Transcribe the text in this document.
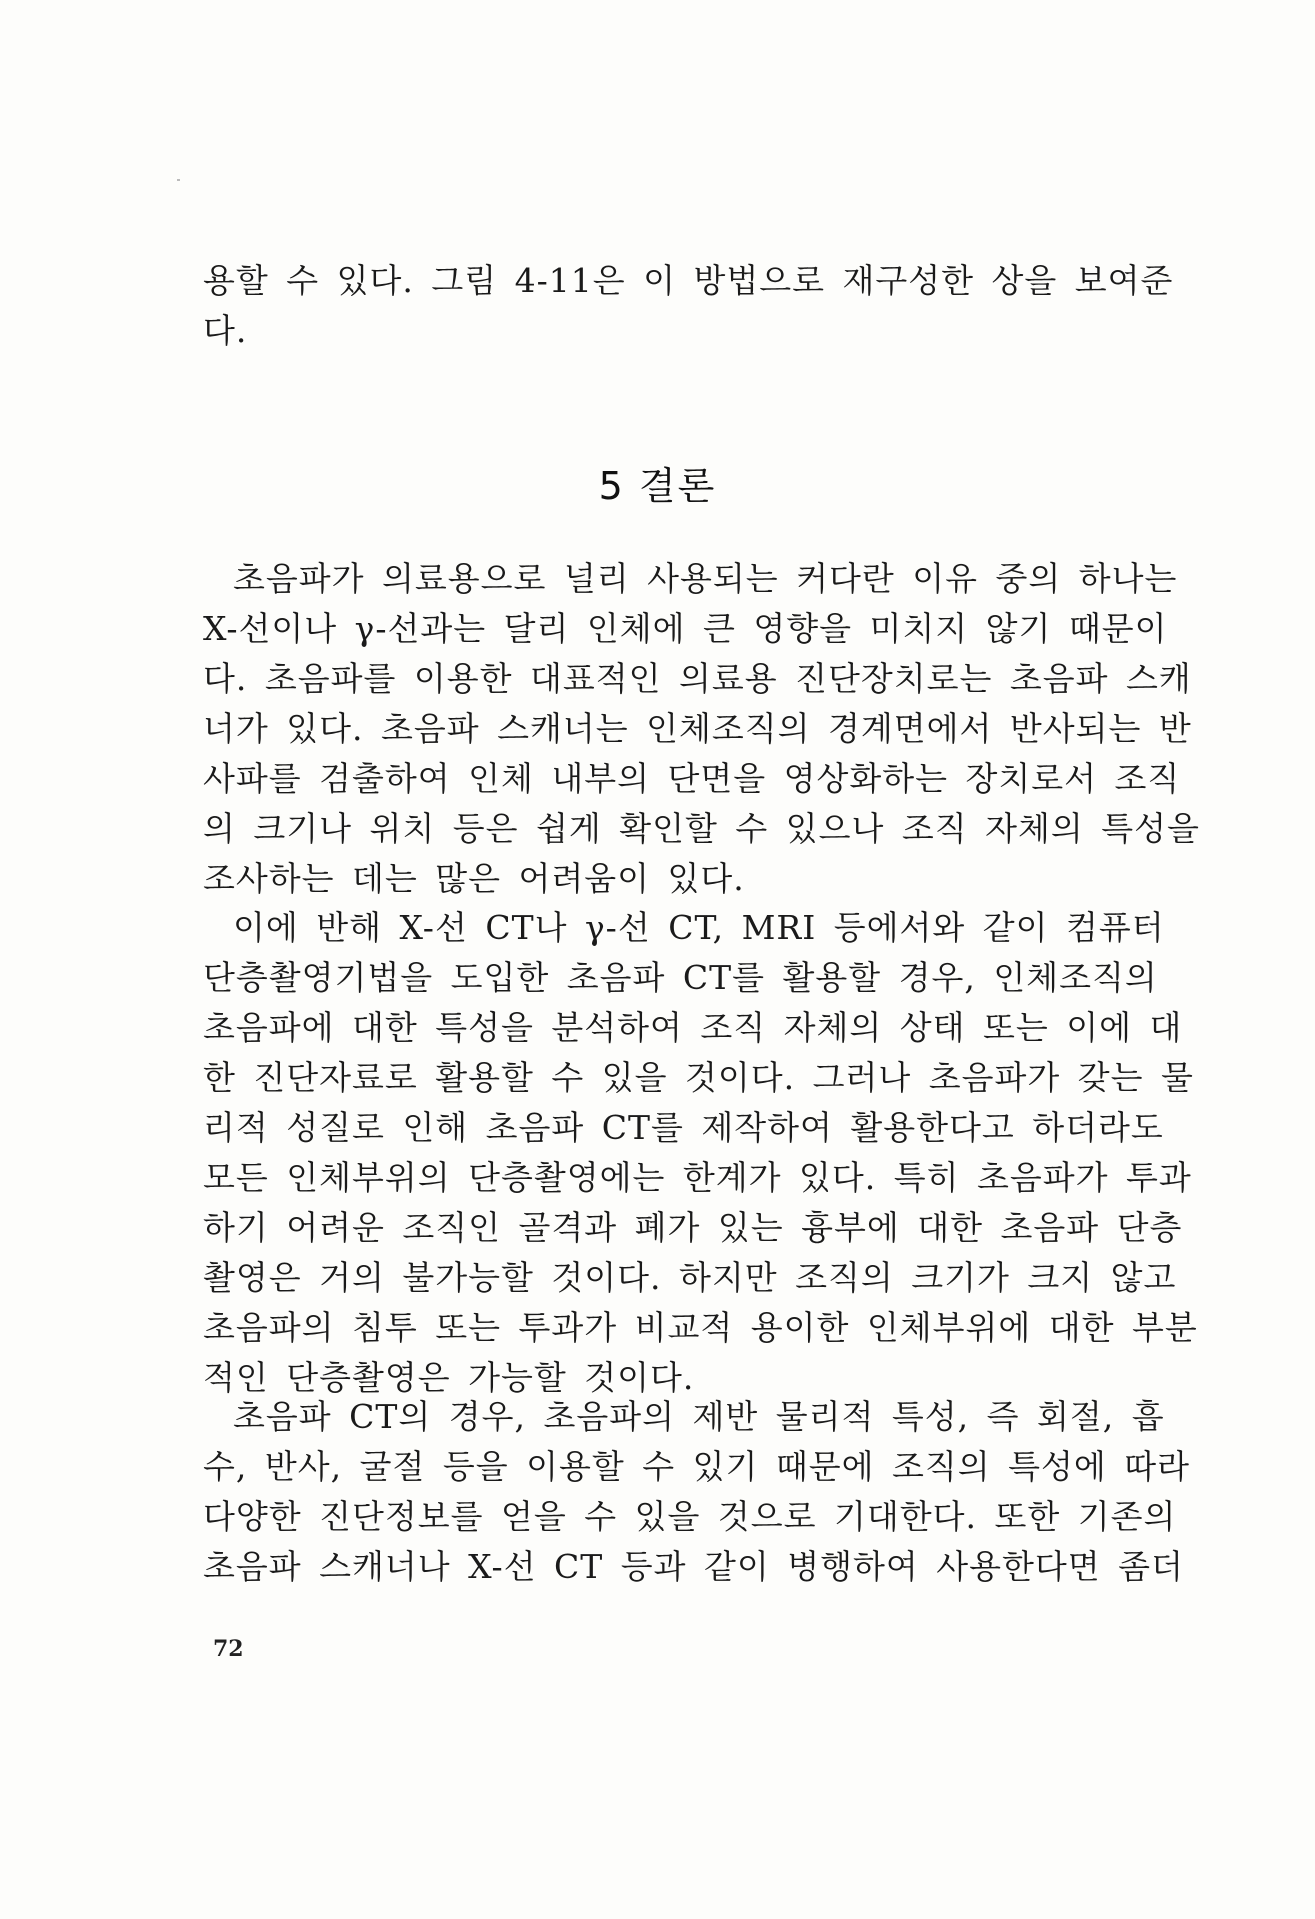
용할 수 있다. 그림 4-11은 이 방법으로 재구성한 상을 보여준
다.
5 결론
초음파가 의료용으로 널리 사용되는 커다란 이유 중의 하나는
X-선이나 γ-선과는 달리 인체에 큰 영향을 미치지 않기 때문이
다. 초음파를 이용한 대표적인 의료용 진단장치로는 초음파 스캐
너가 있다. 초음파 스캐너는 인체조직의 경계면에서 반사되는 반
사파를 검출하여 인체 내부의 단면을 영상화하는 장치로서 조직
의 크기나 위치 등은 쉽게 확인할 수 있으나 조직 자체의 특성을
조사하는 데는 많은 어려움이 있다.
이에 반해 X-선 CT나 γ-선 CT, MRI 등에서와 같이 컴퓨터
단층촬영기법을 도입한 초음파 CT를 활용할 경우, 인체조직의
초음파에 대한 특성을 분석하여 조직 자체의 상태 또는 이에 대
한 진단자료로 활용할 수 있을 것이다. 그러나 초음파가 갖는 물
리적 성질로 인해 초음파 CT를 제작하여 활용한다고 하더라도
모든 인체부위의 단층촬영에는 한계가 있다. 특히 초음파가 투과
하기 어려운 조직인 골격과 폐가 있는 흉부에 대한 초음파 단층
촬영은 거의 불가능할 것이다. 하지만 조직의 크기가 크지 않고
초음파의 침투 또는 투과가 비교적 용이한 인체부위에 대한 부분
적인 단층촬영은 가능할 것이다.
초음파 CT의 경우, 초음파의 제반 물리적 특성, 즉 회절, 흡
수, 반사, 굴절 등을 이용할 수 있기 때문에 조직의 특성에 따라
다양한 진단정보를 얻을 수 있을 것으로 기대한다. 또한 기존의
초음파 스캐너나 X-선 CT 등과 같이 병행하여 사용한다면 좀더
72
